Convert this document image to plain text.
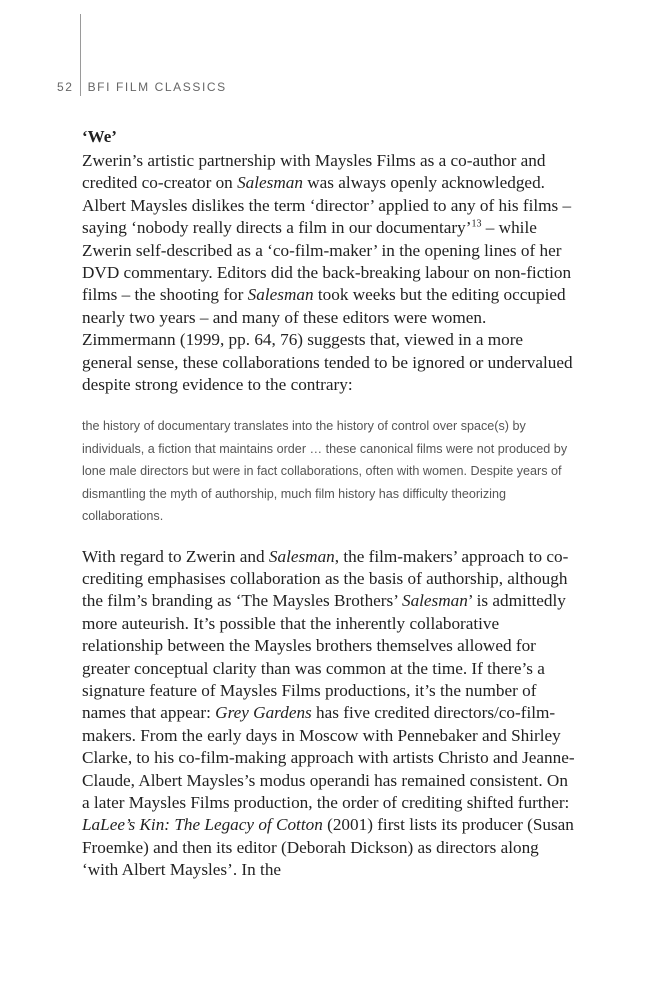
52 BFI FILM CLASSICS
‘We’

Zwerin’s artistic partnership with Maysles Films as a co-author and credited co-creator on Salesman was always openly acknowledged. Albert Maysles dislikes the term ‘director’ applied to any of his films – saying ‘nobody really directs a film in our documentary’$^{13}$ – while Zwerin self-described as a ‘co-film-maker’ in the opening lines of her DVD commentary. Editors did the back-breaking labour on non-fiction films – the shooting for Salesman took weeks but the editing occupied nearly two years – and many of these editors were women. Zimmermann (1999, pp. 64, 76) suggests that, viewed in a more general sense, these collaborations tended to be ignored or undervalued despite strong evidence to the contrary:

the history of documentary translates into the history of control over space(s) by individuals, a fiction that maintains order … these canonical films were not produced by lone male directors but were in fact collaborations, often with women. Despite years of dismantling the myth of authorship, much film history has difficulty theorizing collaborations.

With regard to Zwerin and Salesman, the film-makers’ approach to co-crediting emphasises collaboration as the basis of authorship, although the film’s branding as ‘The Maysles Brothers’ Salesman’ is admittedly more auteurish. It’s possible that the inherently collaborative relationship between the Maysles brothers themselves allowed for greater conceptual clarity than was common at the time. If there’s a signature feature of Maysles Films productions, it’s the number of names that appear: Grey Gardens has five credited directors/co-film-makers. From the early days in Moscow with Pennebaker and Shirley Clarke, to his co-film-making approach with artists Christo and Jeanne-Claude, Albert Maysles’s modus operandi has remained consistent. On a later Maysles Films production, the order of crediting shifted further: LaLee’s Kin: The Legacy of Cotton (2001) first lists its producer (Susan Froemke) and then its editor (Deborah Dickson) as directors along ‘with Albert Maysles’. In the
